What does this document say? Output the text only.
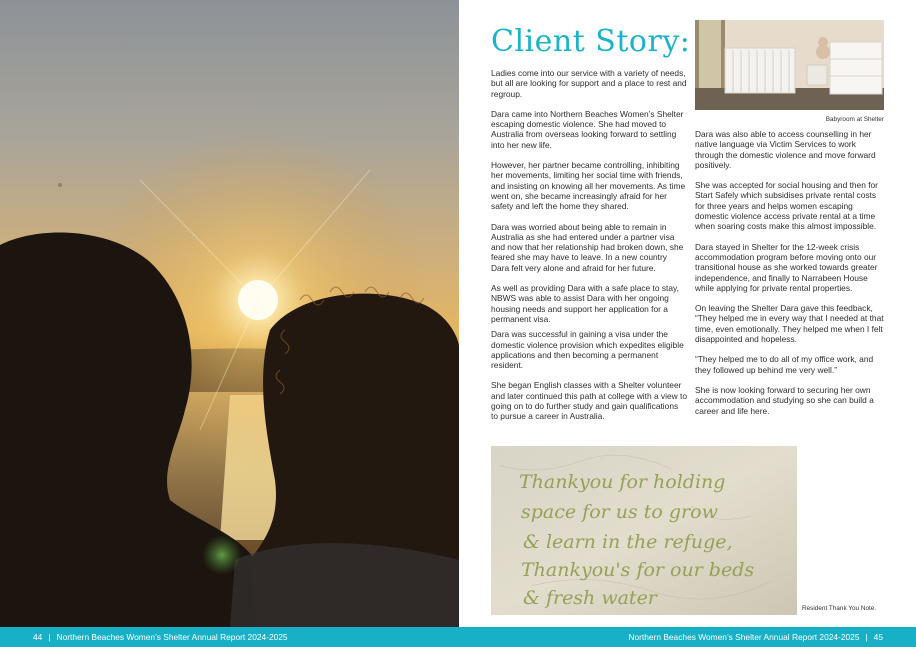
Client Story:

Ladies come into our service with a variety of needs, but all are looking for support and a place to rest and regroup.

Dara came into Northern Beaches Women’s Shelter escaping domestic violence. She had moved to Australia from overseas looking forward to settling into her new life.

However, her partner became controlling, inhibiting her movements, limiting her social time with friends, and insisting on knowing all her movements. As time went on, she became increasingly afraid for her safety and left the home they shared.

Dara was worried about being able to remain in Australia as she had entered under a partner visa and now that her relationship had broken down, she feared she may have to leave. In a new country Dara felt very alone and afraid for her future.

As well as providing Dara with a safe place to stay, NBWS was able to assist Dara with her ongoing housing needs and support her application for a permanent visa.

Dara was successful in gaining a visa under the domestic violence provision which expedites eligible applications and then becoming a permanent resident.

She began English classes with a Shelter volunteer and later continued this path at college with a view to going on to do further study and gain qualifications to pursue a career in Australia.

Babyroom at Shelter

Dara was also able to access counselling in her native language via Victim Services to work through the domestic violence and move forward positively.

She was accepted for social housing and then for Start Safely which subsidises private rental costs for three years and helps women escaping domestic violence access private rental at a time when soaring costs make this almost impossible.

Dara stayed in Shelter for the 12-week crisis accommodation program before moving onto our transitional house as she worked towards greater independence, and finally to Narrabeen House while applying for private rental properties.

On leaving the Shelter Dara gave this feedback, “They helped me in every way that I needed at that time, even emotionally. They helped me when I felt disappointed and hopeless.

“They helped me to do all of my office work, and they followed up behind me very well.”

She is now looking forward to securing her own accommodation and studying so she can build a career and life here.

Thankyou for holding
space for us to grow
& learn in the refuge,
Thankyou's for our beds
& fresh water	Resident Thank You Note.
44 | Northern Beaches Women’s Shelter Annual Report 2024-2025	Northern Beaches Women’s Shelter Annual Report 2024-2025 | 45
